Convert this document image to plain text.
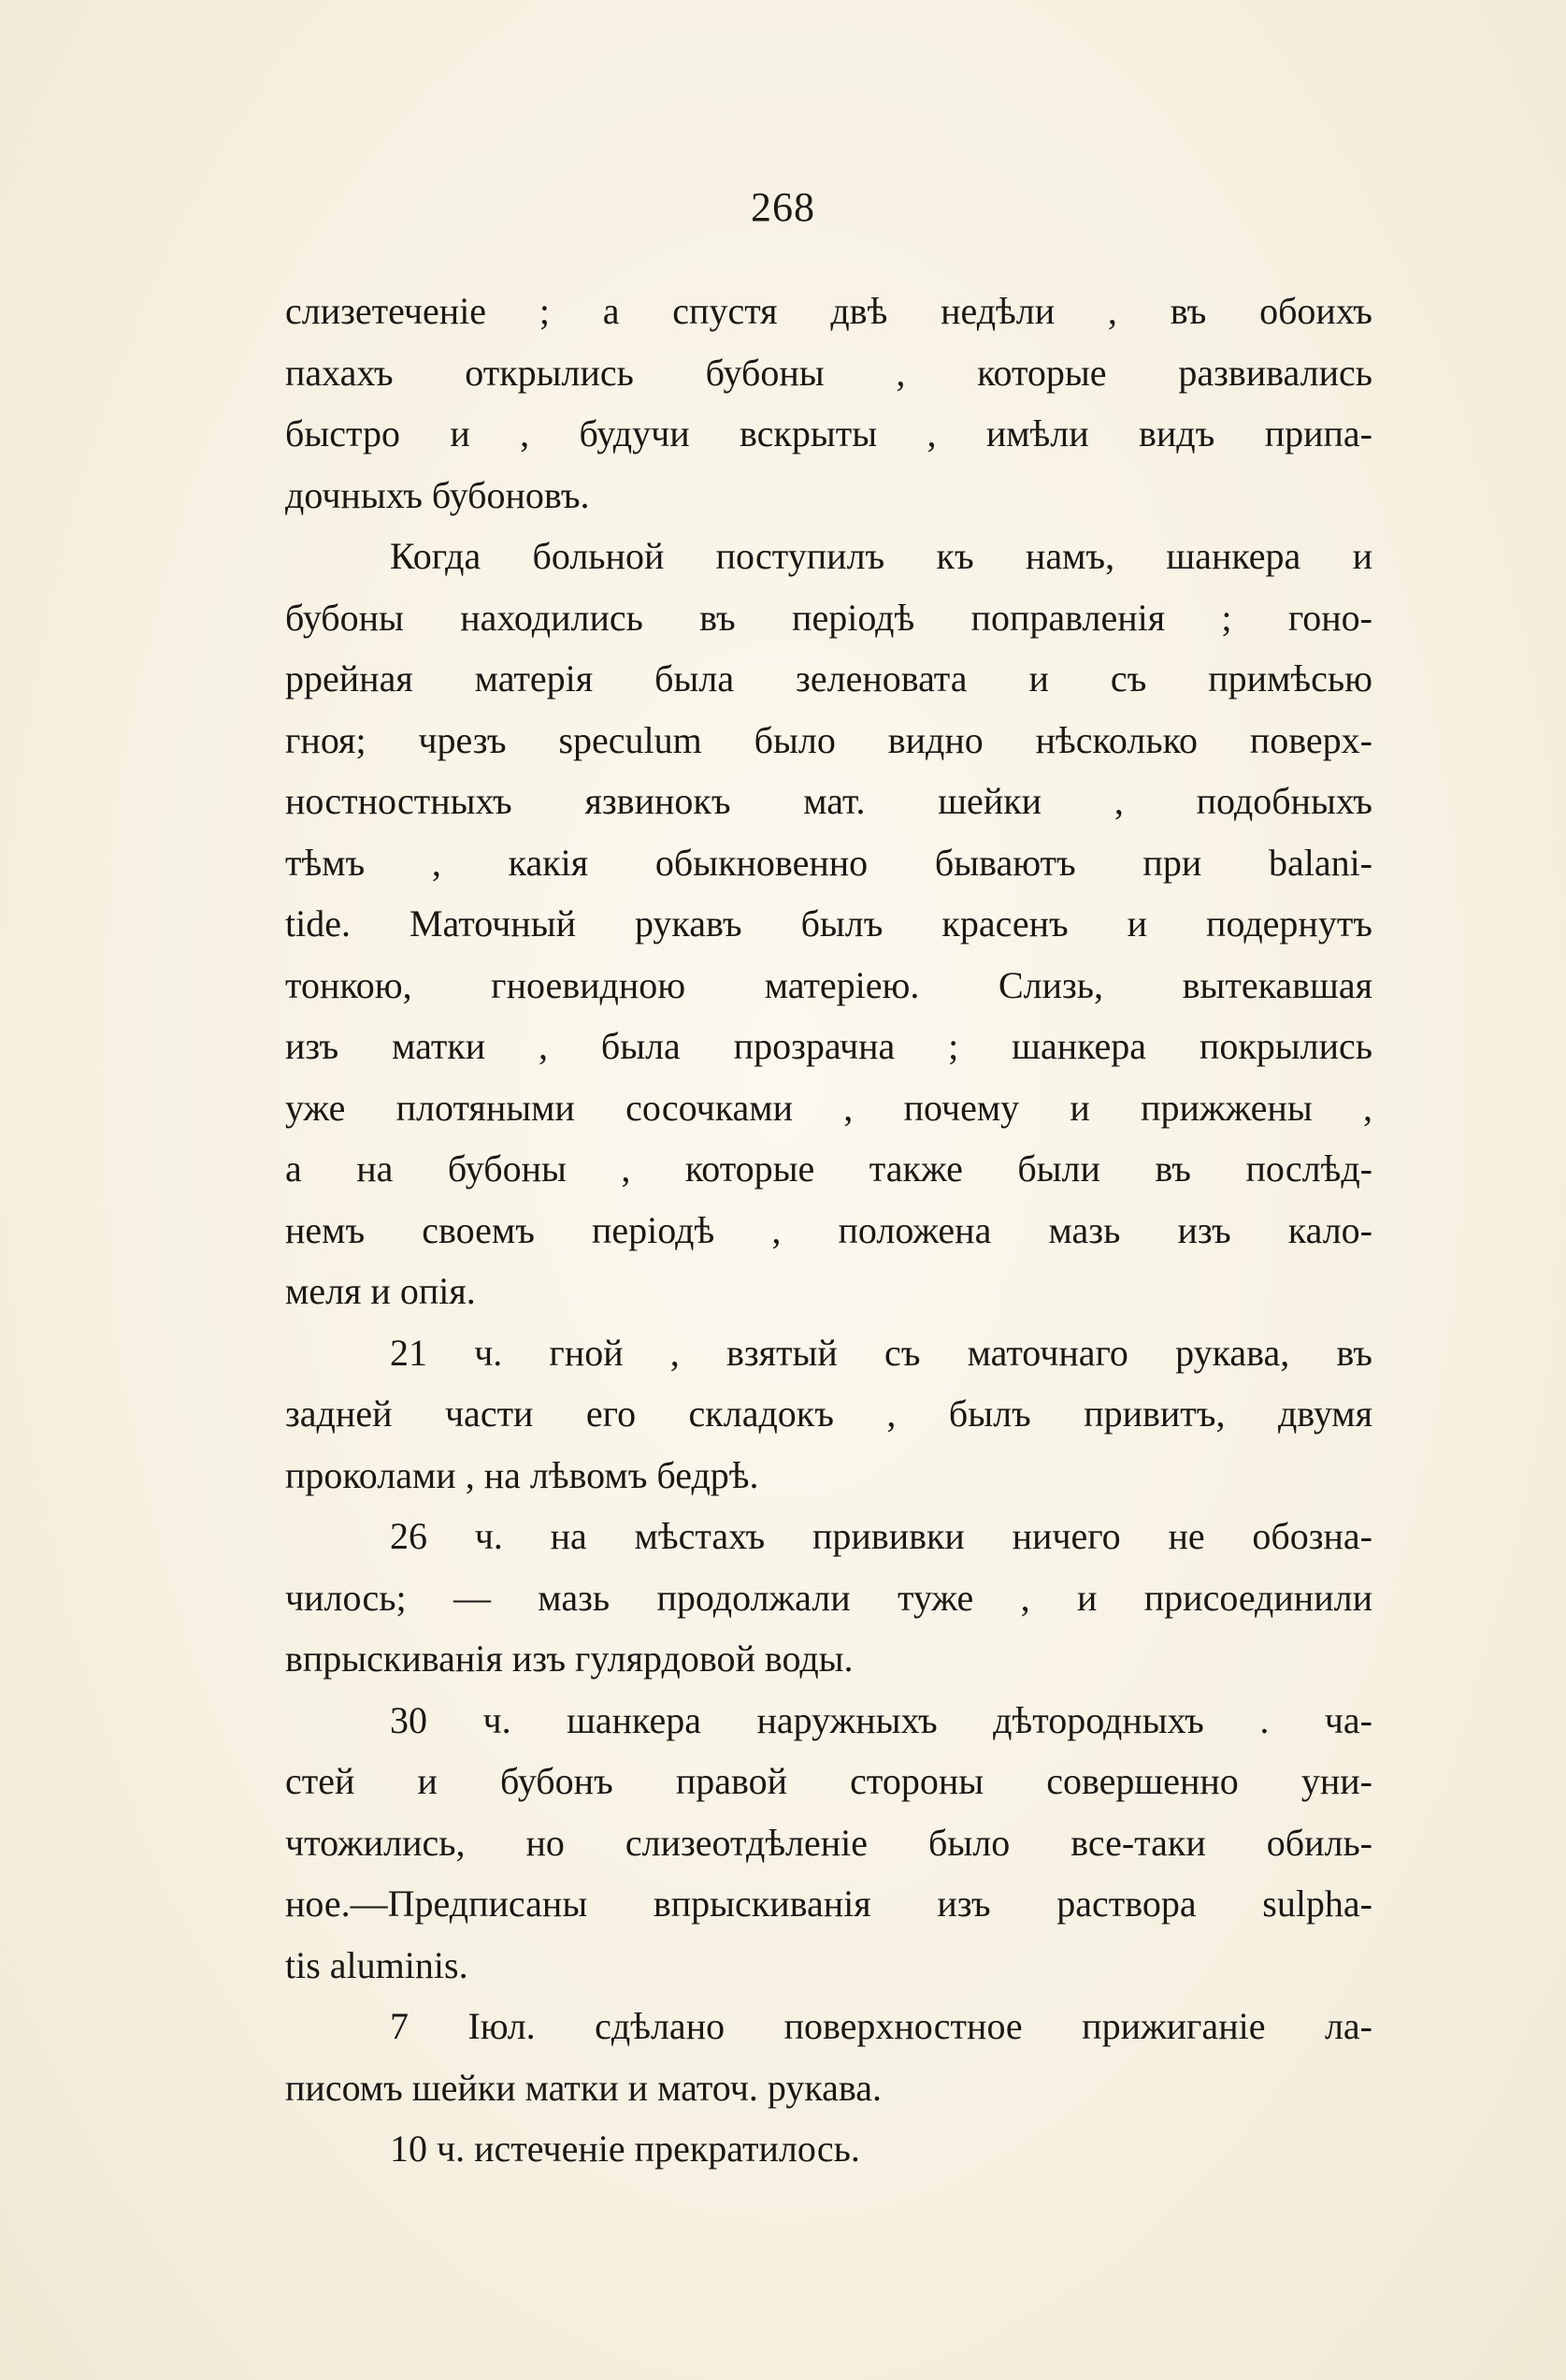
268
слизетеченіе ; а спустя двѣ недѣли , въ обоихъ
пахахъ открылись бубоны , которые развивались
быстро и , будучи вскрыты , имѣли видъ припа-
дочныхъ бубоновъ.
Когда больной поступилъ къ намъ, шанкера и
бубоны находились въ періодѣ поправленія ; гоно-
ррейная матерія была зеленовата и съ примѣсью
гноя; чрезъ speculum было видно нѣсколько поверх-
ностностныхъ язвинокъ мат. шейки , подобныхъ
тѣмъ , какія обыкновенно бываютъ при balani-
tide. Маточный рукавъ былъ красенъ и подернутъ
тонкою, гноевидною матеріею. Слизь, вытекавшая
изъ матки , была прозрачна ; шанкера покрылись
уже плотяными сосочками , почему и прижжены ,
а на бубоны , которые также были въ послѣд-
немъ своемъ періодѣ , положена мазь изъ кало-
меля и опія.
21 ч. гной , взятый съ маточнаго рукава, въ
задней части его складокъ , былъ привитъ, двумя
проколами , на лѣвомъ бедрѣ.
26 ч. на мѣстахъ прививки ничего не обозна-
чилось; — мазь продолжали туже , и присоединили
впрыскиванія изъ гулярдовой воды.
30 ч. шанкера наружныхъ дѣтородныхъ . ча-
стей и бубонъ правой стороны совершенно уни-
чтожились, но слизеотдѣленіе было все-таки обиль-
ное.—Предписаны впрыскиванія изъ раствора sulpha-
tis aluminis.
7 Іюл. сдѣлано поверхностное прижиганіе ла-
писомъ шейки матки и маточ. рукава.
10 ч. истеченіе прекратилось.
